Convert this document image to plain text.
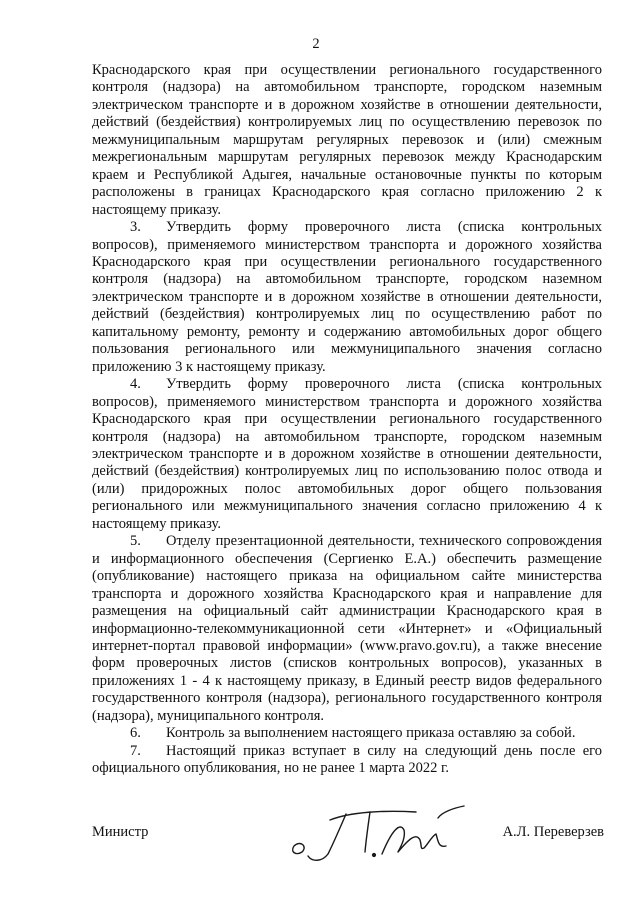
2

Краснодарского края при осуществлении регионального государственного контроля (надзора) на автомобильном транспорте, городском наземным электрическом транспорте и в дорожном хозяйстве в отношении деятельности, действий (бездействия) контролируемых лиц по осуществлению перевозок по межмуниципальным маршрутам регулярных перевозок и (или) смежным межрегиональным маршрутам регулярных перевозок между Краснодарским краем и Республикой Адыгея, начальные остановочные пункты по которым расположены в границах Краснодарского края согласно приложению 2 к настоящему приказу.

3. Утвердить форму проверочного листа (списка контрольных вопросов), применяемого министерством транспорта и дорожного хозяйства Краснодарского края при осуществлении регионального государственного контроля (надзора) на автомобильном транспорте, городском наземном электрическом транспорте и в дорожном хозяйстве в отношении деятельности, действий (бездействия) контролируемых лиц по осуществлению работ по капитальному ремонту, ремонту и содержанию автомобильных дорог общего пользования регионального или межмуниципального значения согласно приложению 3 к настоящему приказу.

4. Утвердить форму проверочного листа (списка контрольных вопросов), применяемого министерством транспорта и дорожного хозяйства Краснодарского края при осуществлении регионального государственного контроля (надзора) на автомобильном транспорте, городском наземным электрическом транспорте и в дорожном хозяйстве в отношении деятельности, действий (бездействия) контролируемых лиц по использованию полос отвода и (или) придорожных полос автомобильных дорог общего пользования регионального или межмуниципального значения согласно приложению 4 к настоящему приказу.

5. Отделу презентационной деятельности, технического сопровождения и информационного обеспечения (Сергиенко Е.А.) обеспечить размещение (опубликование) настоящего приказа на официальном сайте министерства транспорта и дорожного хозяйства Краснодарского края и направление для размещения на официальный сайт администрации Краснодарского края в информационно-телекоммуникационной сети «Интернет» и «Официальный интернет-портал правовой информации» (www.pravo.gov.ru), а также внесение форм проверочных листов (списков контрольных вопросов), указанных в приложениях 1 - 4 к настоящему приказу, в Единый реестр видов федерального государственного контроля (надзора), регионального государственного контроля (надзора), муниципального контроля.

6. Контроль за выполнением настоящего приказа оставляю за собой.

7. Настоящий приказ вступает в силу на следующий день после его официального опубликования, но не ранее 1 марта 2022 г.

Министр	А.Л. Переверзев
